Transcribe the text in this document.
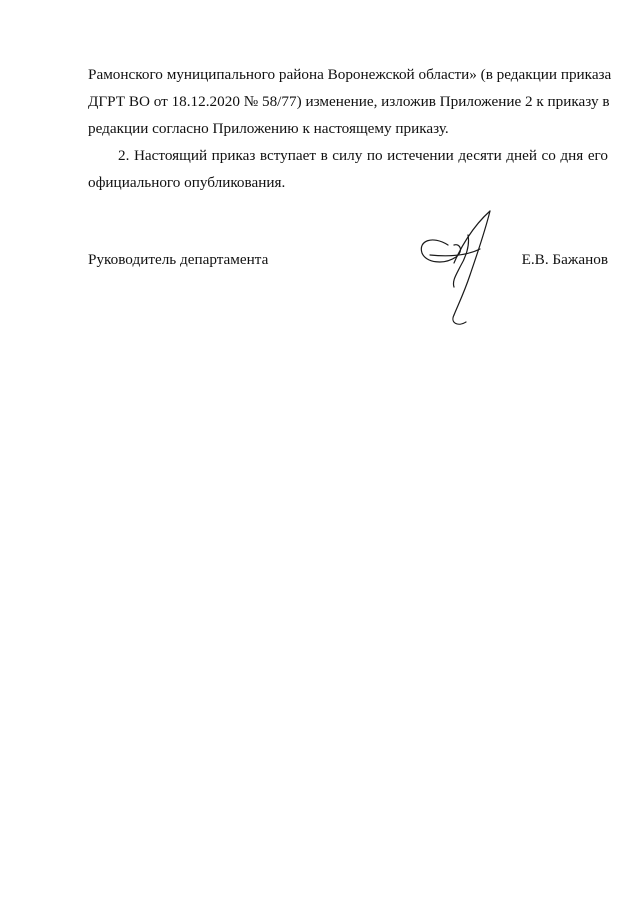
Рамонского муниципального района Воронежской области» (в редакции приказа
ДГРТ ВО от 18.12.2020 № 58/77) изменение, изложив Приложение 2 к приказу в
редакции согласно Приложению к настоящему приказу.
2. Настоящий приказ вступает в силу по истечении десяти дней со дня его
официального опубликования.
Руководитель департамента	Е.В. Бажанов
